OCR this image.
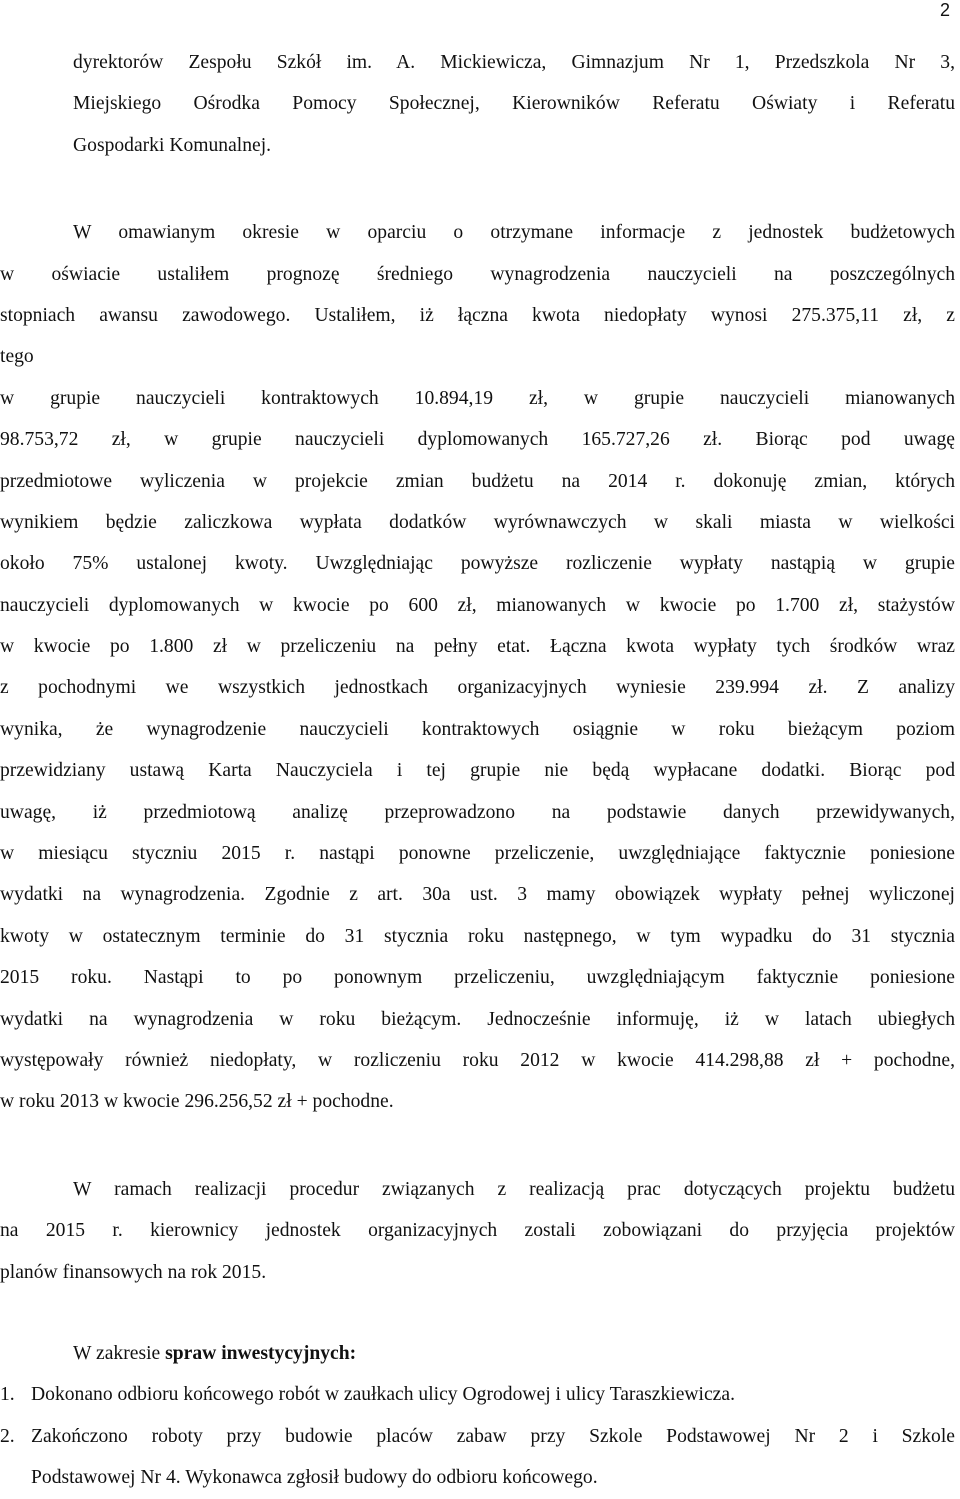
2
dyrektorów Zespołu Szkół im. A. Mickiewicza, Gimnazjum Nr 1, Przedszkola Nr 3,
Miejskiego Ośrodka Pomocy Społecznej, Kierowników Referatu Oświaty i Referatu
Gospodarki Komunalnej.
W omawianym okresie w oparciu o otrzymane informacje z jednostek budżetowych
w oświacie ustaliłem prognozę średniego wynagrodzenia nauczycieli na poszczególnych
stopniach awansu zawodowego. Ustaliłem, iż łączna kwota niedopłaty wynosi 275.375,11 zł, z
tego
w grupie nauczycieli kontraktowych 10.894,19 zł, w grupie nauczycieli mianowanych
98.753,72 zł, w grupie nauczycieli dyplomowanych 165.727,26 zł. Biorąc pod uwagę
przedmiotowe wyliczenia w projekcie zmian budżetu na 2014 r. dokonuję zmian, których
wynikiem będzie zaliczkowa wypłata dodatków wyrównawczych w skali miasta w wielkości
około 75% ustalonej kwoty. Uwzględniając powyższe rozliczenie wypłaty nastąpią w grupie
nauczycieli dyplomowanych w kwocie po 600 zł, mianowanych w kwocie po 1.700 zł, stażystów
w kwocie po 1.800 zł w przeliczeniu na pełny etat. Łączna kwota wypłaty tych środków wraz
z pochodnymi we wszystkich jednostkach organizacyjnych wyniesie 239.994 zł. Z analizy
wynika, że wynagrodzenie nauczycieli kontraktowych osiągnie w roku bieżącym poziom
przewidziany ustawą Karta Nauczyciela i tej grupie nie będą wypłacane dodatki. Biorąc pod
uwagę, iż przedmiotową analizę przeprowadzono na podstawie danych przewidywanych,
w miesiącu styczniu 2015 r. nastąpi ponowne przeliczenie, uwzględniające faktycznie poniesione
wydatki na wynagrodzenia. Zgodnie z art. 30a ust. 3 mamy obowiązek wypłaty pełnej wyliczonej
kwoty w ostatecznym terminie do 31 stycznia roku następnego, w tym wypadku do 31 stycznia
2015 roku. Nastąpi to po ponownym przeliczeniu, uwzględniającym faktycznie poniesione
wydatki na wynagrodzenia w roku bieżącym. Jednocześnie informuję, iż w latach ubiegłych
występowały również niedopłaty, w rozliczeniu roku 2012 w kwocie 414.298,88 zł + pochodne,
w roku 2013 w kwocie 296.256,52 zł + pochodne.
W ramach realizacji procedur związanych z realizacją prac dotyczących projektu budżetu
na 2015 r. kierownicy jednostek organizacyjnych zostali zobowiązani do przyjęcia projektów
planów finansowych na rok 2015.
W zakresie spraw inwestycyjnych:
1. Dokonano odbioru końcowego robót w zaułkach ulicy Ogrodowej i ulicy Taraszkiewicza.
2. Zakończono roboty przy budowie placów zabaw przy Szkole Podstawowej Nr 2 i Szkole
Podstawowej Nr 4. Wykonawca zgłosił budowy do odbioru końcowego.
